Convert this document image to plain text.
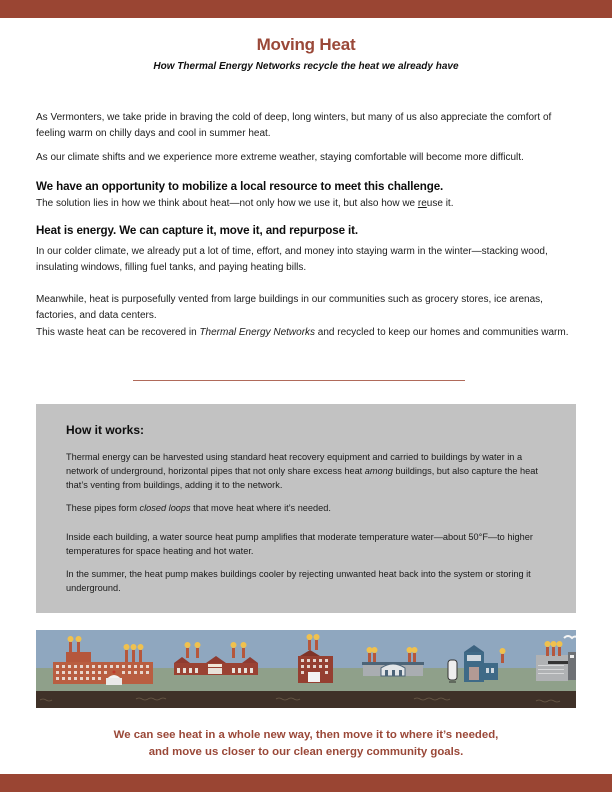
Moving Heat
How Thermal Energy Networks recycle the heat we already have

As Vermonters, we take pride in braving the cold of deep, long winters, but many of us also appreciate the comfort of feeling warm on chilly days and cool in summer heat.

As our climate shifts and we experience more extreme weather, staying comfortable will become more difficult.

We have an opportunity to mobilize a local resource to meet this challenge.

The solution lies in how we think about heat—not only how we use it, but also how we reuse it.

Heat is energy. We can capture it, move it, and repurpose it.

In our colder climate, we already put a lot of time, effort, and money into staying warm in the winter—stacking wood, insulating windows, filling fuel tanks, and paying heating bills.

Meanwhile, heat is purposefully vented from large buildings in our communities such as grocery stores, ice arenas, factories, and data centers.

This waste heat can be recovered in Thermal Energy Networks and recycled to keep our homes and communities warm.

How it works:

Thermal energy can be harvested using standard heat recovery equipment and carried to buildings by water in a network of underground, horizontal pipes that not only share excess heat among buildings, but also capture the heat that’s venting from buildings, adding it to the network.

These pipes form closed loops that move heat where it’s needed.

Inside each building, a water source heat pump amplifies that moderate temperature water—about 50°F—to higher temperatures for space heating and hot water.

In the summer, the heat pump makes buildings cooler by rejecting unwanted heat back into the system or storing it underground.

We can see heat in a whole new way, then move it to where it’s needed,
and move us closer to our clean energy community goals.
